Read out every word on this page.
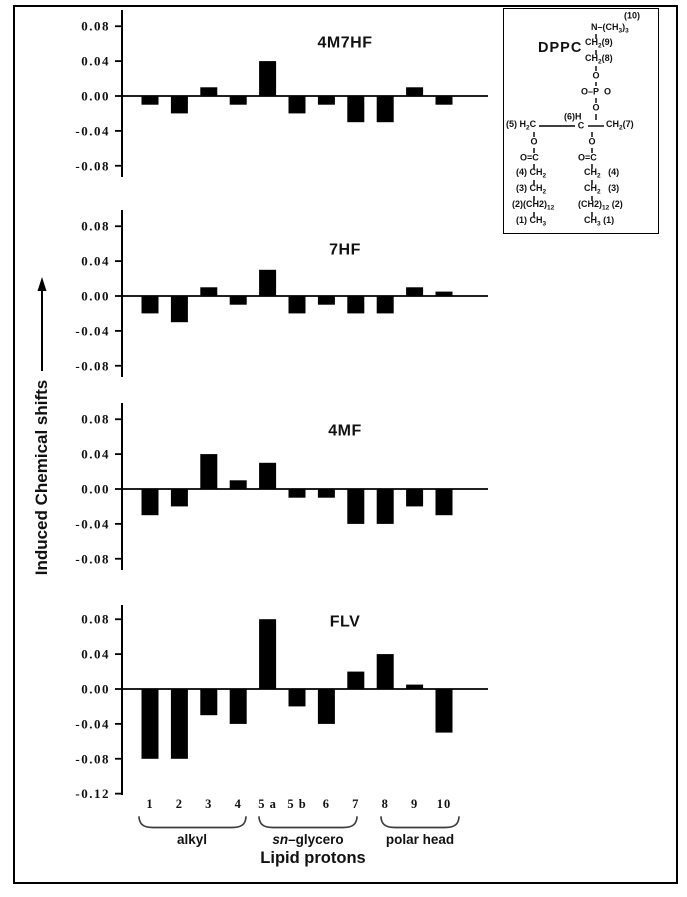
0.08
0.04
0.00
-0.04
-0.08
4M7HF
0.08
0.04
0.00
-0.04
-0.08
7HF
0.08
0.04
0.00
-0.04
-0.08
4MF
0.08
0.04
0.00
-0.04
-0.08
-0.12
FLV
Induced Chemical shifts
1 2 3 4 5 a 5 b 6 7 8 9 10
alkyl	sn–glycero	polar head
Lipid protons
DPPC
(10)
$N-(CH_3)_3$
$CH_2(9)$
$CH_2(8)$
O
O–P  O
O
(6)H
(5) $H_2C$	C $CH_2(7)$
O
O=C
(4) $CH_2$
(3) $CH_2$
$(2)(CH2)_{12}$
(1) $CH_3$
O
O=C
$CH_2$   (4)
$CH_2$   (3)
$(CH2)_{12}$ (2)
$CH_3$ (1)
